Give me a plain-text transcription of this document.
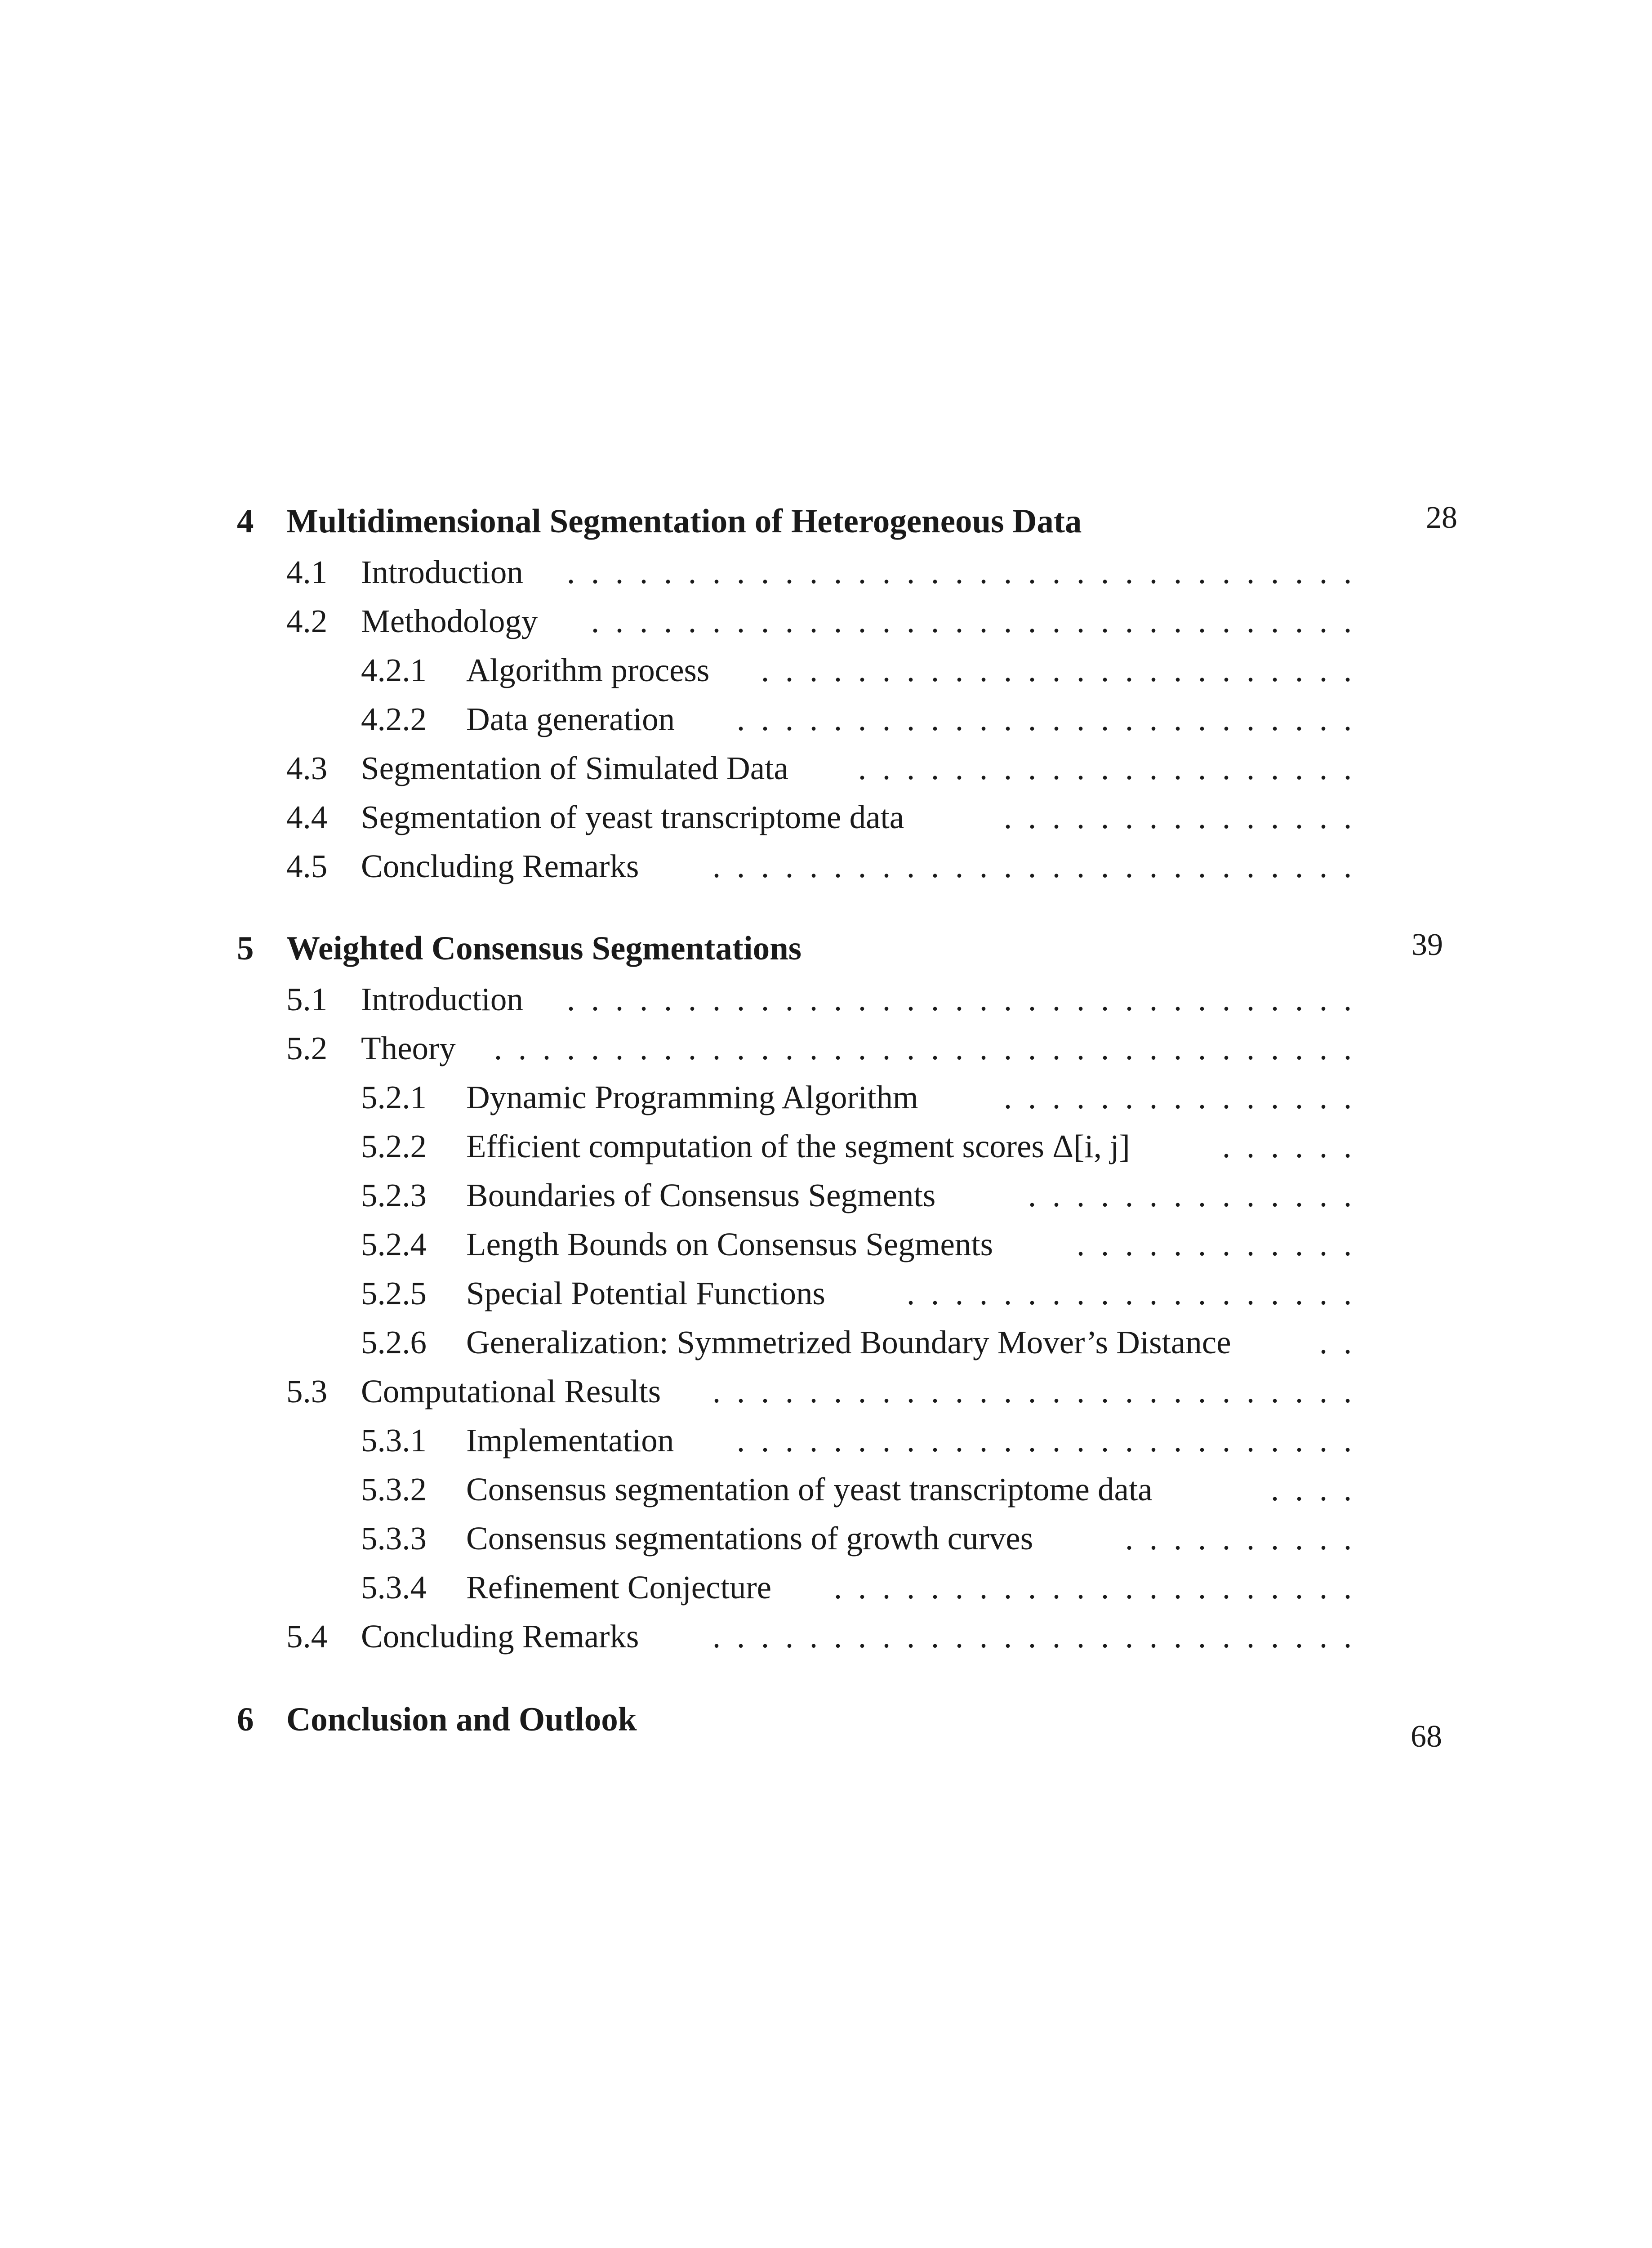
4 Multidimensional Segmentation of Heterogeneous Data	28
4.1 Introduction	.................................
4.2 Methodology	................................
4.2.1 Algorithm process	.........................
4.2.2 Data generation	..........................
4.3 Segmentation of Simulated Data	.....................
4.4 Segmentation of yeast transcriptome data	...............
4.5 Concluding Remarks	...........................
5 Weighted Consensus Segmentations	39
5.1 Introduction	.................................
5.2 Theory	....................................
5.2.1 Dynamic Programming Algorithm	...............
5.2.2 Efficient computation of the segment scores Δ[i, j]	......
5.2.3 Boundaries of Consensus Segments	..............
5.2.4 Length Bounds on Consensus Segments	............
5.2.5 Special Potential Functions	...................
5.2.6 Generalization: Symmetrized Boundary Mover’s Distance	..
5.3 Computational Results	...........................
5.3.1 Implementation	..........................
5.3.2 Consensus segmentation of yeast transcriptome data	....
5.3.3 Consensus segmentations of growth curves	..........
5.3.4 Refinement Conjecture	......................
5.4 Concluding Remarks	...........................
6 Conclusion and Outlook	68
